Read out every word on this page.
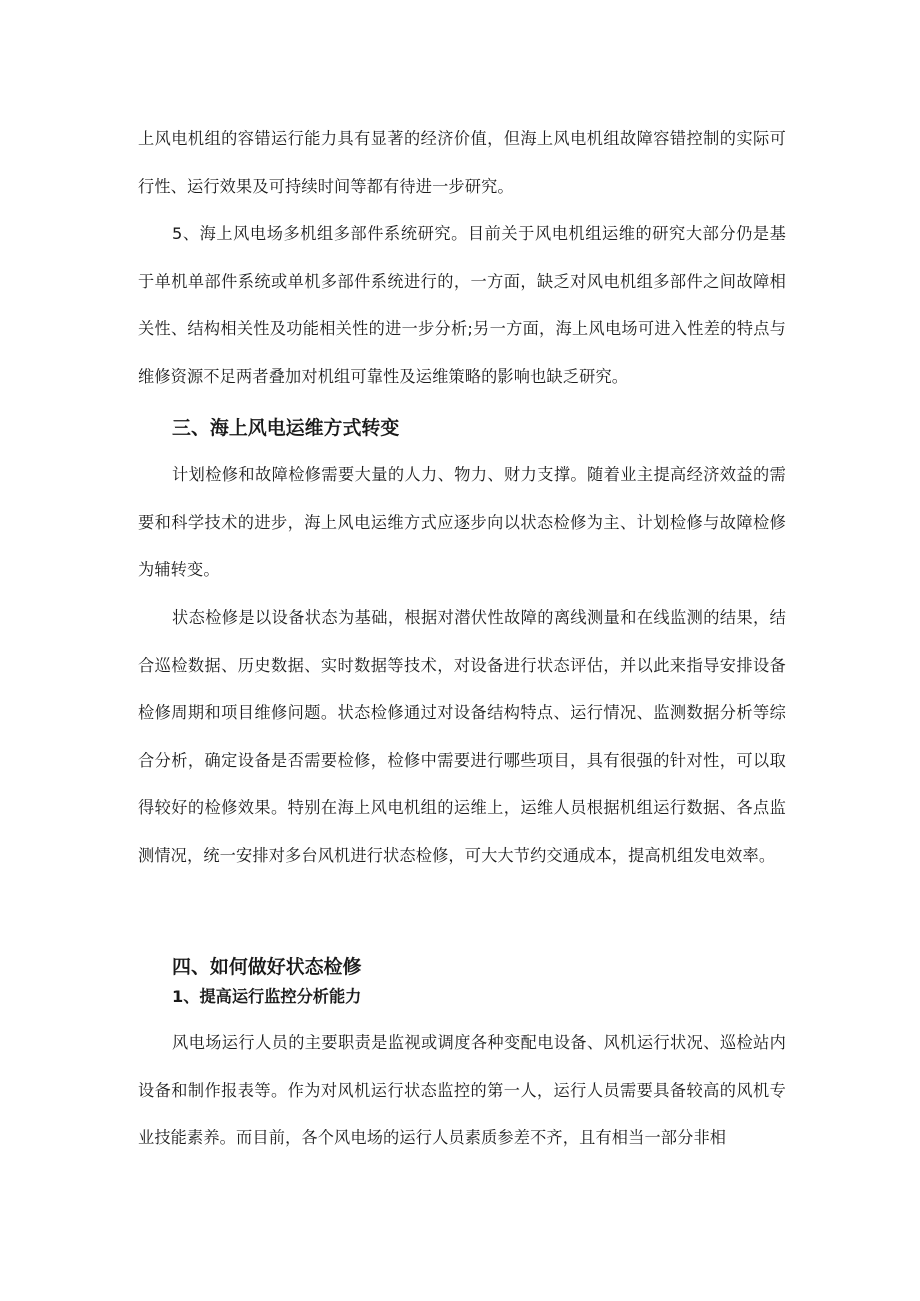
上风电机组的容错运行能力具有显著的经济价值，但海上风电机组故障容错控制的实际可行性、运行效果及可持续时间等都有待进一步研究。

5、海上风电场多机组多部件系统研究。目前关于风电机组运维的研究大部分仍是基于单机单部件系统或单机多部件系统进行的，一方面，缺乏对风电机组多部件之间故障相关性、结构相关性及功能相关性的进一步分析;另一方面，海上风电场可进入性差的特点与维修资源不足两者叠加对机组可靠性及运维策略的影响也缺乏研究。

三、海上风电运维方式转变

计划检修和故障检修需要大量的人力、物力、财力支撑。随着业主提高经济效益的需要和科学技术的进步，海上风电运维方式应逐步向以状态检修为主、计划检修与故障检修为辅转变。

状态检修是以设备状态为基础，根据对潜伏性故障的离线测量和在线监测的结果，结合巡检数据、历史数据、实时数据等技术，对设备进行状态评估，并以此来指导安排设备检修周期和项目维修问题。状态检修通过对设备结构特点、运行情况、监测数据分析等综合分析，确定设备是否需要检修，检修中需要进行哪些项目，具有很强的针对性，可以取得较好的检修效果。特别在海上风电机组的运维上，运维人员根据机组运行数据、各点监测情况，统一安排对多台风机进行状态检修，可大大节约交通成本，提高机组发电效率。

四、如何做好状态检修
1、提高运行监控分析能力

风电场运行人员的主要职责是监视或调度各种变配电设备、风机运行状况、巡检站内设备和制作报表等。作为对风机运行状态监控的第一人，运行人员需要具备较高的风机专业技能素养。而目前，各个风电场的运行人员素质参差不齐，且有相当一部分非相
